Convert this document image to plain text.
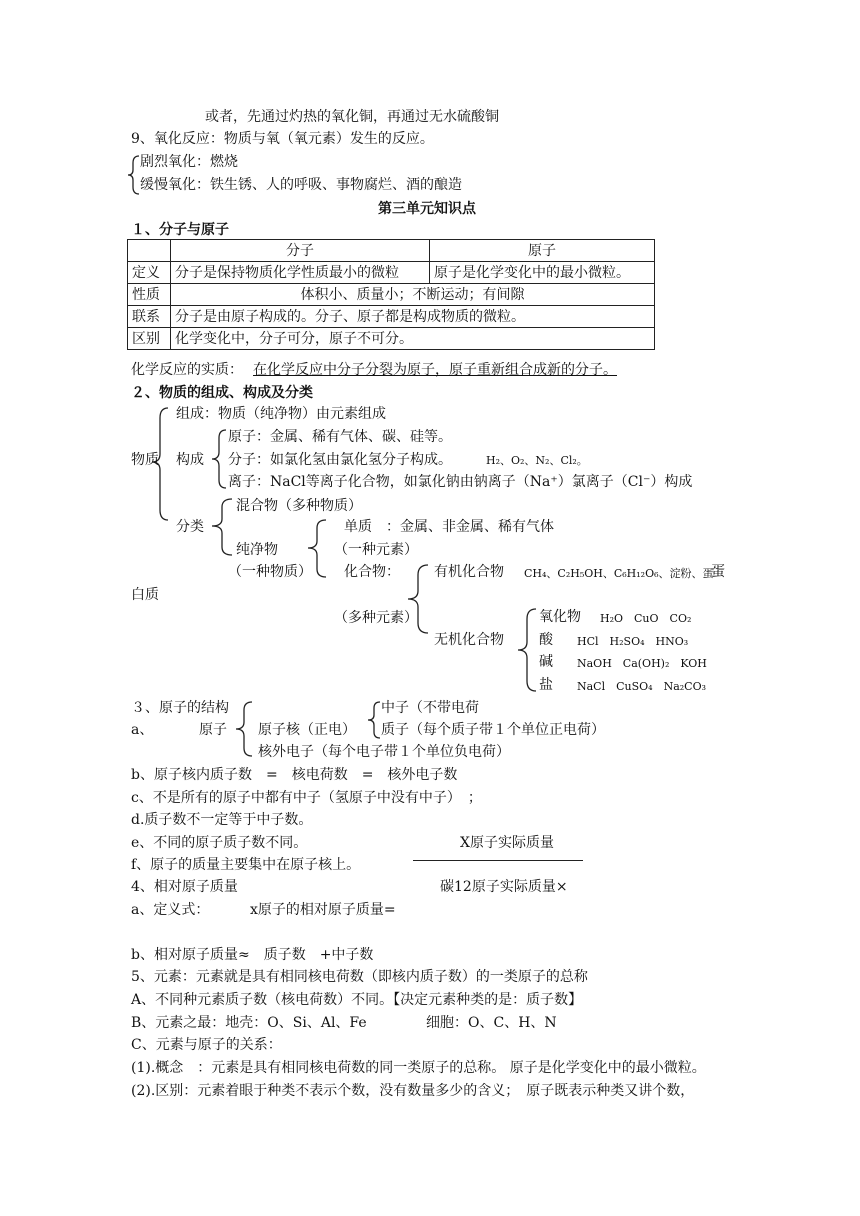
或者，先通过灼热的氧化铜，再通过无水硫酸铜
9、氧化反应：物质与氧（氧元素）发生的反应。
剧烈氧化：燃烧
缓慢氧化：铁生锈、人的呼吸、事物腐烂、酒的酿造
第三单元知识点
１、分子与原子
	分子	原子
定义	分子是保持物质化学性质最小的微粒	原子是化学变化中的最小微粒。
性质	体积小、质量小；不断运动；有间隙	
联系	分子是由原子构成的。分子、原子都是构成物质的微粒。	
区别	化学变化中，分子可分，原子不可分。	
化学反应的实质： 在化学反应中分子分裂为原子，原子重新组合成新的分子。
２、物质的组成、构成及分类
物质
组成：物质（纯净物）由元素组成
构成
原子：金属、稀有气体、碳、硅等。
分子：如氯化氢由氯化氢分子构成。	H₂、O₂、N₂、Cl₂。
离子：NaCl等离子化合物，如氯化钠由钠离子（Na⁺）氯离子（Cl⁻）构成
分类
混合物（多种物质）
纯净物
（一种物质）
单质　：金属、非金属、稀有气体
（一种元素）
化合物：
（多种元素）
有机化合物 CH₄、C₂H₅OH、C₆H₁₂O₆、淀粉、蛋
蛋
白质
无机化合物
氧化物 H₂O　CuO　CO₂
酸 HCl　H₂SO₄　HNO₃
碱 NaOH　Ca(OH)₂　KOH
盐 NaCl　CuSO₄　Na₂CO₃
３、原子的结构
a、	原子 原子核（正电）
中子（不带电荷
质子（每个质子带１个单位正电荷）
核外电子（每个电子带１个单位负电荷）
b、原子核内质子数　=　核电荷数　=　核外电子数
c、不是所有的原子中都有中子（氢原子中没有中子）　；
d.质子数不一定等于中子数。
e、不同的原子质子数不同。
f、原子的质量主要集中在原子核上。
X原子实际质量
碳12原子实际质量×
4、相对原子质量
a、定义式：	x原子的相对原子质量=
b、相对原子质量≈　质子数　+中子数
5、元素：元素就是具有相同核电荷数（即核内质子数）的一类原子的总称
A、不同种元素质子数（核电荷数）不同。【决定元素种类的是：质子数】
B、元素之最：地壳：O、Si、Al、Fe	细胞：O、C、H、N
C、元素与原子的关系：
(1).概念　：元素是具有相同核电荷数的同一类原子的总称。 原子是化学变化中的最小微粒。
(2).区别：元素着眼于种类不表示个数，没有数量多少的含义；　原子既表示种类又讲个数，
